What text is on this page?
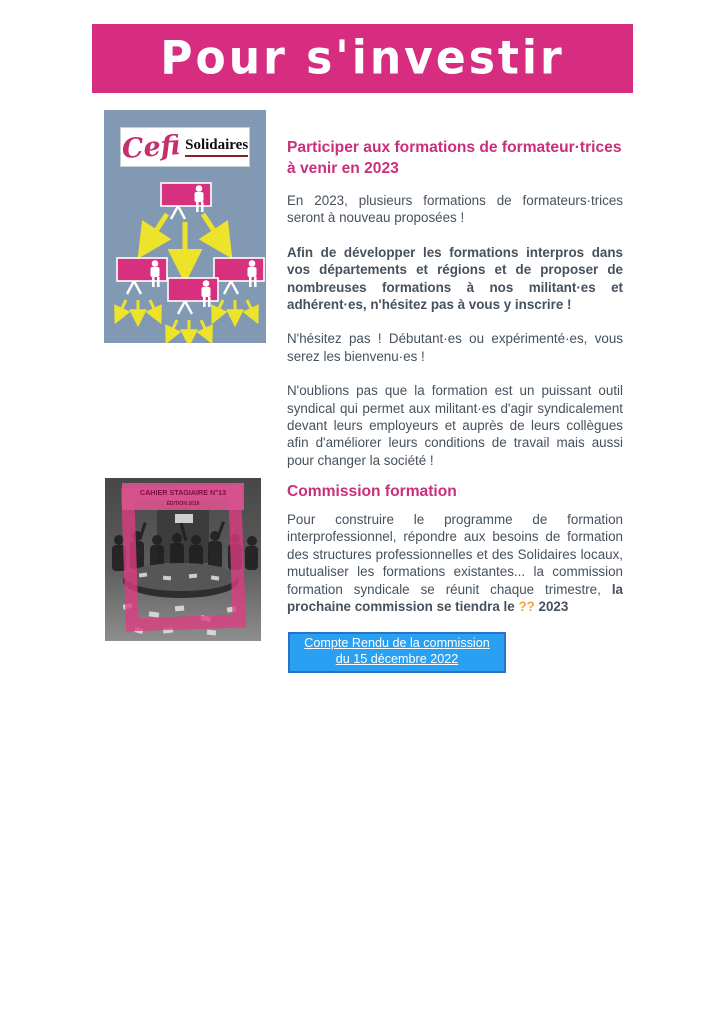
Pour s'investir
Cefi Solidaires Participer aux formations de formateur·trices à venir en 2023

En 2023, plusieurs formations de formateurs·trices seront à nouveau proposées !

Afin de développer les formations interpros dans vos départements et régions et de proposer de nombreuses formations à nos militant·es et adhérent·es, n'hésitez pas à vous y inscrire !

N'hésitez pas ! Débutant·es ou expérimenté·es, vous serez les bienvenu·es !

N'oublions pas que la formation est un puissant outil syndical qui permet aux militant·es d'agir syndicalement devant leurs employeurs et auprès de leurs collègues afin d'améliorer leurs conditions de travail mais aussi pour changer la société !

CAHIER STAGIAIRE N°13
ÉDITION 2019
Commission formation

Pour construire le programme de formation interprofessionnel, répondre aux besoins de formation des structures professionnelles et des Solidaires locaux, mutualiser les formations existantes... la commission formation syndicale se réunit chaque trimestre, la prochaine commission se tiendra le ?? 2023

Compte Rendu de la commission
du 15 décembre 2022
